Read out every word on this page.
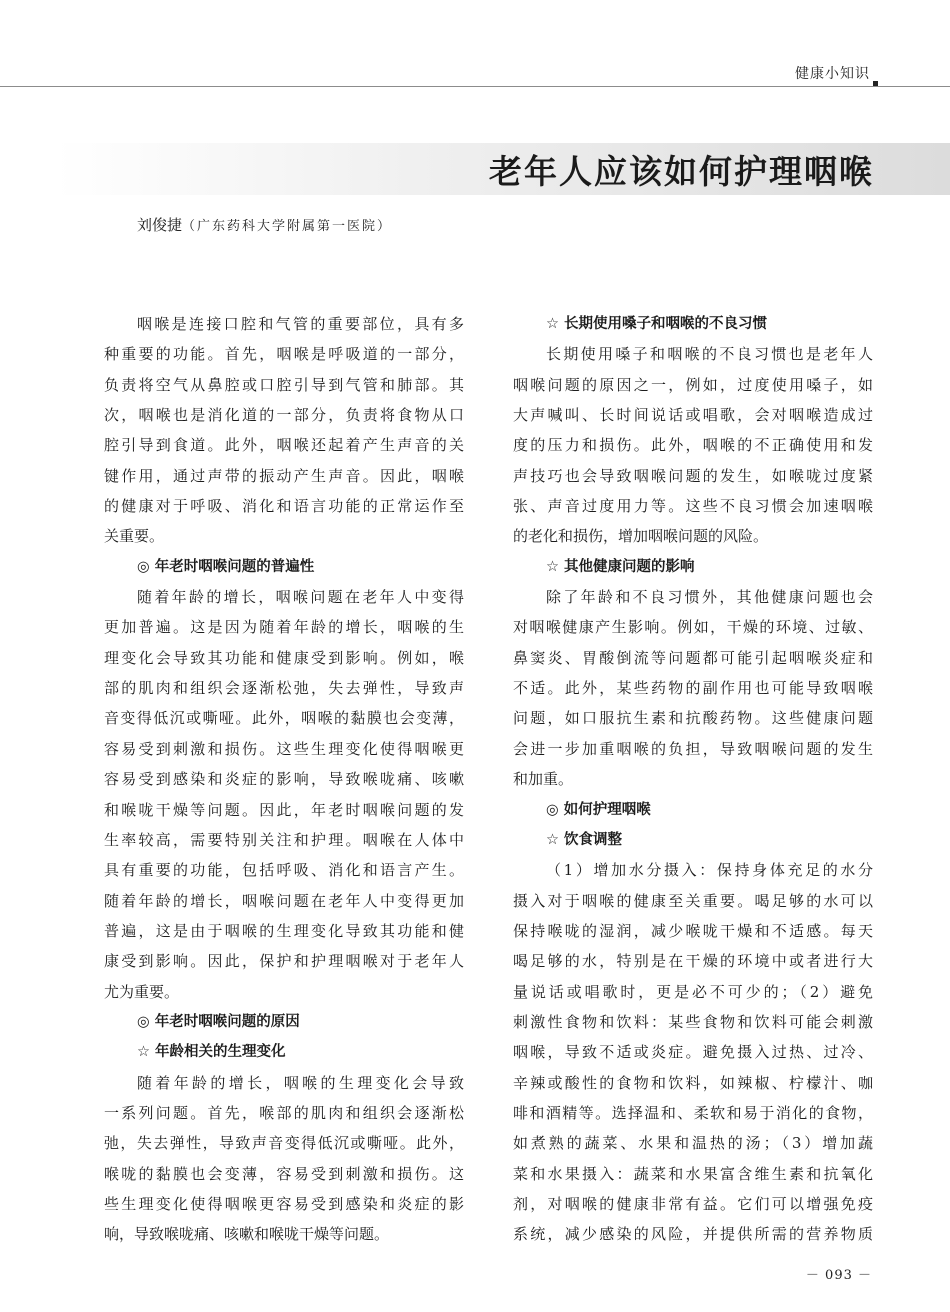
健康小知识
老年人应该如何护理咽喉
刘俊捷（广东药科大学附属第一医院）
咽喉是连接口腔和气管的重要部位，具有多
种重要的功能。首先，咽喉是呼吸道的一部分，
负责将空气从鼻腔或口腔引导到气管和肺部。其
次，咽喉也是消化道的一部分，负责将食物从口
腔引导到食道。此外，咽喉还起着产生声音的关
键作用，通过声带的振动产生声音。因此，咽喉
的健康对于呼吸、消化和语言功能的正常运作至
关重要。
◎ 年老时咽喉问题的普遍性
随着年龄的增长，咽喉问题在老年人中变得
更加普遍。这是因为随着年龄的增长，咽喉的生
理变化会导致其功能和健康受到影响。例如，喉
部的肌肉和组织会逐渐松弛，失去弹性，导致声
音变得低沉或嘶哑。此外，咽喉的黏膜也会变薄，
容易受到刺激和损伤。这些生理变化使得咽喉更
容易受到感染和炎症的影响，导致喉咙痛、咳嗽
和喉咙干燥等问题。因此，年老时咽喉问题的发
生率较高，需要特别关注和护理。咽喉在人体中
具有重要的功能，包括呼吸、消化和语言产生。
随着年龄的增长，咽喉问题在老年人中变得更加
普遍，这是由于咽喉的生理变化导致其功能和健
康受到影响。因此，保护和护理咽喉对于老年人
尤为重要。
◎ 年老时咽喉问题的原因
☆ 年龄相关的生理变化
随着年龄的增长，咽喉的生理变化会导致
一系列问题。首先，喉部的肌肉和组织会逐渐松
弛，失去弹性，导致声音变得低沉或嘶哑。此外，
喉咙的黏膜也会变薄，容易受到刺激和损伤。这
些生理变化使得咽喉更容易受到感染和炎症的影
响，导致喉咙痛、咳嗽和喉咙干燥等问题。
☆ 长期使用嗓子和咽喉的不良习惯
长期使用嗓子和咽喉的不良习惯也是老年人
咽喉问题的原因之一，例如，过度使用嗓子，如
大声喊叫、长时间说话或唱歌，会对咽喉造成过
度的压力和损伤。此外，咽喉的不正确使用和发
声技巧也会导致咽喉问题的发生，如喉咙过度紧
张、声音过度用力等。这些不良习惯会加速咽喉
的老化和损伤，增加咽喉问题的风险。
☆ 其他健康问题的影响
除了年龄和不良习惯外，其他健康问题也会
对咽喉健康产生影响。例如，干燥的环境、过敏、
鼻窦炎、胃酸倒流等问题都可能引起咽喉炎症和
不适。此外，某些药物的副作用也可能导致咽喉
问题，如口服抗生素和抗酸药物。这些健康问题
会进一步加重咽喉的负担，导致咽喉问题的发生
和加重。
◎ 如何护理咽喉
☆ 饮食调整
（1）增加水分摄入：保持身体充足的水分
摄入对于咽喉的健康至关重要。喝足够的水可以
保持喉咙的湿润，减少喉咙干燥和不适感。每天
喝足够的水，特别是在干燥的环境中或者进行大
量说话或唱歌时，更是必不可少的；（2）避免
刺激性食物和饮料：某些食物和饮料可能会刺激
咽喉，导致不适或炎症。避免摄入过热、过冷、
辛辣或酸性的食物和饮料，如辣椒、柠檬汁、咖
啡和酒精等。选择温和、柔软和易于消化的食物，
如煮熟的蔬菜、水果和温热的汤；（3）增加蔬
菜和水果摄入：蔬菜和水果富含维生素和抗氧化
剂，对咽喉的健康非常有益。它们可以增强免疫
系统，减少感染的风险，并提供所需的营养物质
－ 093 －
